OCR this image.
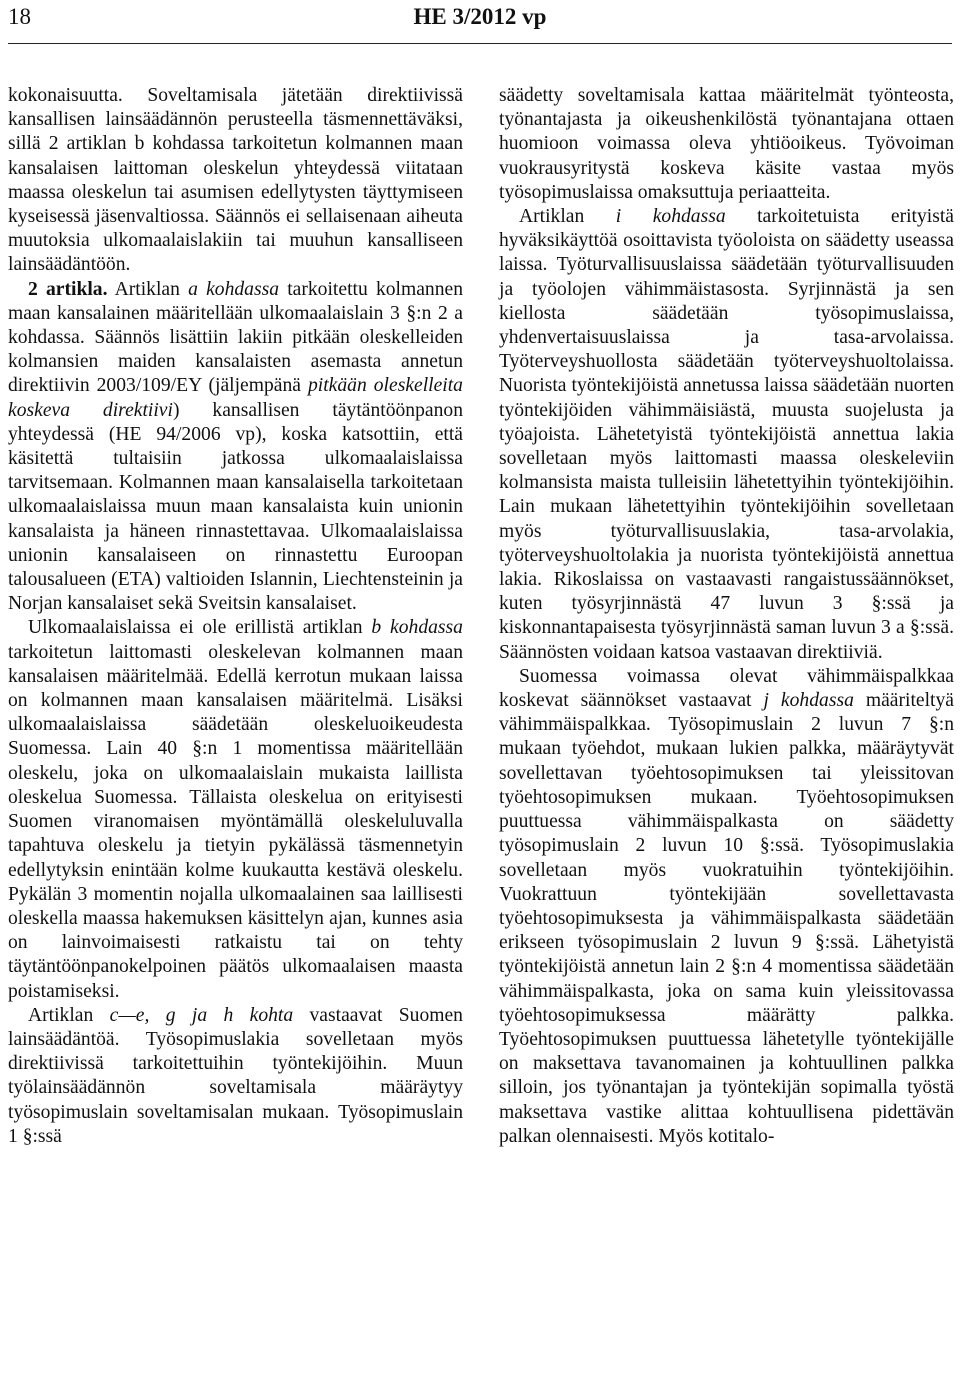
18	HE 3/2012 vp

kokonaisuutta. Soveltamisala jätetään direktiivissä kansallisen lainsäädännön perusteella täsmennettäväksi, sillä 2 artiklan b kohdassa tarkoitetun kolmannen maan kansalaisen laittoman oleskelun yhteydessä viitataan maassa oleskelun tai asumisen edellytysten täyttymiseen kyseisessä jäsenvaltiossa. Säännös ei sellaisenaan aiheuta muutoksia ulkomaalaislakiin tai muuhun kansalliseen lainsäädäntöön.

2 artikla. Artiklan a kohdassa tarkoitettu kolmannen maan kansalainen määritellään ulkomaalaislain 3 §:n 2 a kohdassa. Säännös lisättiin lakiin pitkään oleskelleiden kolmansien maiden kansalaisten asemasta annetun direktiivin 2003/109/EY (jäljempänä pitkään oleskelleita koskeva direktiivi) kansallisen täytäntöönpanon yhteydessä (HE 94/2006 vp), koska katsottiin, että käsitettä tultaisiin jatkossa ulkomaalaislaissa tarvitsemaan. Kolmannen maan kansalaisella tarkoitetaan ulkomaalaislaissa muun maan kansalaista kuin unionin kansalaista ja häneen rinnastettavaa. Ulkomaalaislaissa unionin kansalaiseen on rinnastettu Euroopan talousalueen (ETA) valtioiden Islannin, Liechtensteinin ja Norjan kansalaiset sekä Sveitsin kansalaiset.

Ulkomaalaislaissa ei ole erillistä artiklan b kohdassa tarkoitetun laittomasti oleskelevan kolmannen maan kansalaisen määritelmää. Edellä kerrotun mukaan laissa on kolmannen maan kansalaisen määritelmä. Lisäksi ulkomaalaislaissa säädetään oleskeluoikeudesta Suomessa. Lain 40 §:n 1 momentissa määritellään oleskelu, joka on ulkomaalaislain mukaista laillista oleskelua Suomessa. Tällaista oleskelua on erityisesti Suomen viranomaisen myöntämällä oleskeluluvalla tapahtuva oleskelu ja tietyin pykälässä täsmennetyin edellytyksin enintään kolme kuukautta kestävä oleskelu. Pykälän 3 momentin nojalla ulkomaalainen saa laillisesti oleskella maassa hakemuksen käsittelyn ajan, kunnes asia on lainvoimaisesti ratkaistu tai on tehty täytäntöönpanokelpoinen päätös ulkomaalaisen maasta poistamiseksi.

Artiklan c—e, g ja h kohta vastaavat Suomen lainsäädäntöä. Työsopimuslakia sovelletaan myös direktiivissä tarkoitettuihin työntekijöihin. Muun työlainsäädännön soveltamisala määräytyy työsopimuslain soveltamisalan mukaan. Työsopimuslain 1 §:ssä

säädetty soveltamisala kattaa määritelmät työnteosta, työnantajasta ja oikeushenkilöstä työnantajana ottaen huomioon voimassa oleva yhtiöoikeus. Työvoiman vuokrausyritystä koskeva käsite vastaa myös työsopimuslaissa omaksuttuja periaatteita.

Artiklan i kohdassa tarkoitetuista erityistä hyväksikäyttöä osoittavista työoloista on säädetty useassa laissa. Työturvallisuuslaissa säädetään työturvallisuuden ja työolojen vähimmäistasosta. Syrjinnästä ja sen kiellosta säädetään työsopimuslaissa, yhdenvertaisuuslaissa ja tasa-arvolaissa. Työterveyshuollosta säädetään työterveyshuoltolaissa. Nuorista työntekijöistä annetussa laissa säädetään nuorten työntekijöiden vähimmäisiästä, muusta suojelusta ja työajoista. Lähetetyistä työntekijöistä annettua lakia sovelletaan myös laittomasti maassa oleskeleviin kolmansista maista tulleisiin lähetettyihin työntekijöihin. Lain mukaan lähetettyihin työntekijöihin sovelletaan myös työturvallisuuslakia, tasa-arvolakia, työterveyshuoltolakia ja nuorista työntekijöistä annettua lakia. Rikoslaissa on vastaavasti rangaistussäännökset, kuten työsyrjinnästä 47 luvun 3 §:ssä ja kiskonnantapaisesta työsyrjinnästä saman luvun 3 a §:ssä. Säännösten voidaan katsoa vastaavan direktiiviä.

Suomessa voimassa olevat vähimmäispalkkaa koskevat säännökset vastaavat j kohdassa määriteltyä vähimmäispalkkaa. Työsopimuslain 2 luvun 7 §:n mukaan työehdot, mukaan lukien palkka, määräytyvät sovellettavan työehtosopimuksen tai yleissitovan työehtosopimuksen mukaan. Työehtosopimuksen puuttuessa vähimmäispalkasta on säädetty työsopimuslain 2 luvun 10 §:ssä. Työsopimuslakia sovelletaan myös vuokratuihin työntekijöihin. Vuokrattuun työntekijään sovellettavasta työehtosopimuksesta ja vähimmäispalkasta säädetään erikseen työsopimuslain 2 luvun 9 §:ssä. Lähetyistä työntekijöistä annetun lain 2 §:n 4 momentissa säädetään vähimmäispalkasta, joka on sama kuin yleissitovassa työehtosopimuksessa määrätty palkka. Työehtosopimuksen puuttuessa lähetetylle työntekijälle on maksettava tavanomainen ja kohtuullinen palkka silloin, jos työnantajan ja työntekijän sopimalla työstä maksettava vastike alittaa kohtuullisena pidettävän palkan olennaisesti. Myös kotitalo-
